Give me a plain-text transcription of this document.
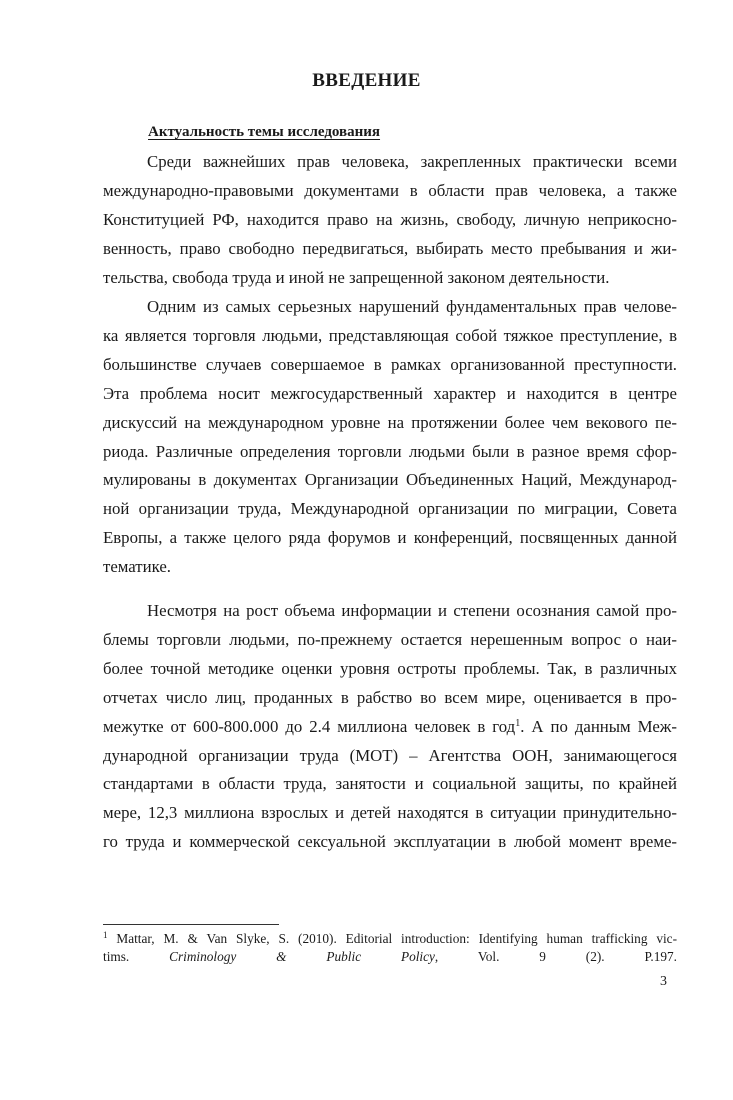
ВВЕДЕНИЕ
Актуальность темы исследования
Среди важнейших прав человека, закрепленных практически всеми
международно-правовыми документами в области прав человека, а также
Конституцией РФ, находится право на жизнь, свободу, личную неприкосно-
венность, право свободно передвигаться, выбирать место пребывания и жи-
тельства, свобода труда и иной не запрещенной законом деятельности.
Одним из самых серьезных нарушений фундаментальных прав челове-
ка является торговля людьми, представляющая собой тяжкое преступление, в
большинстве случаев совершаемое в рамках организованной преступности.
Эта проблема носит межгосударственный характер и находится в центре
дискуссий на международном уровне на протяжении более чем векового пе-
риода. Различные определения торговли людьми были в разное время сфор-
мулированы в документах Организации Объединенных Наций, Международ-
ной организации труда, Международной организации по миграции, Совета
Европы, а также целого ряда форумов и конференций, посвященных данной
тематике.
Несмотря на рост объема информации и степени осознания самой про-
блемы торговли людьми, по-прежнему остается нерешенным вопрос о наи-
более точной методике оценки уровня остроты проблемы. Так, в различных
отчетах число лиц, проданных в рабство во всем мире, оценивается в про-
межутке от 600-800.000 до 2.4 миллиона человек в год$^1$. А по данным Меж-
дународной организации труда (МОТ) – Агентства ООН, занимающегося
стандартами в области труда, занятости и социальной защиты, по крайней
мере, 12,3 миллиона взрослых и детей находятся в ситуации принудительно-
го труда и коммерческой сексуальной эксплуатации в любой момент време-
$^1$ Mattar, M. & Van Slyke, S. (2010). Editorial introduction: Identifying human trafficking vic-
tims. Criminology & Public Policy, Vol. 9 (2). P.197.
3
